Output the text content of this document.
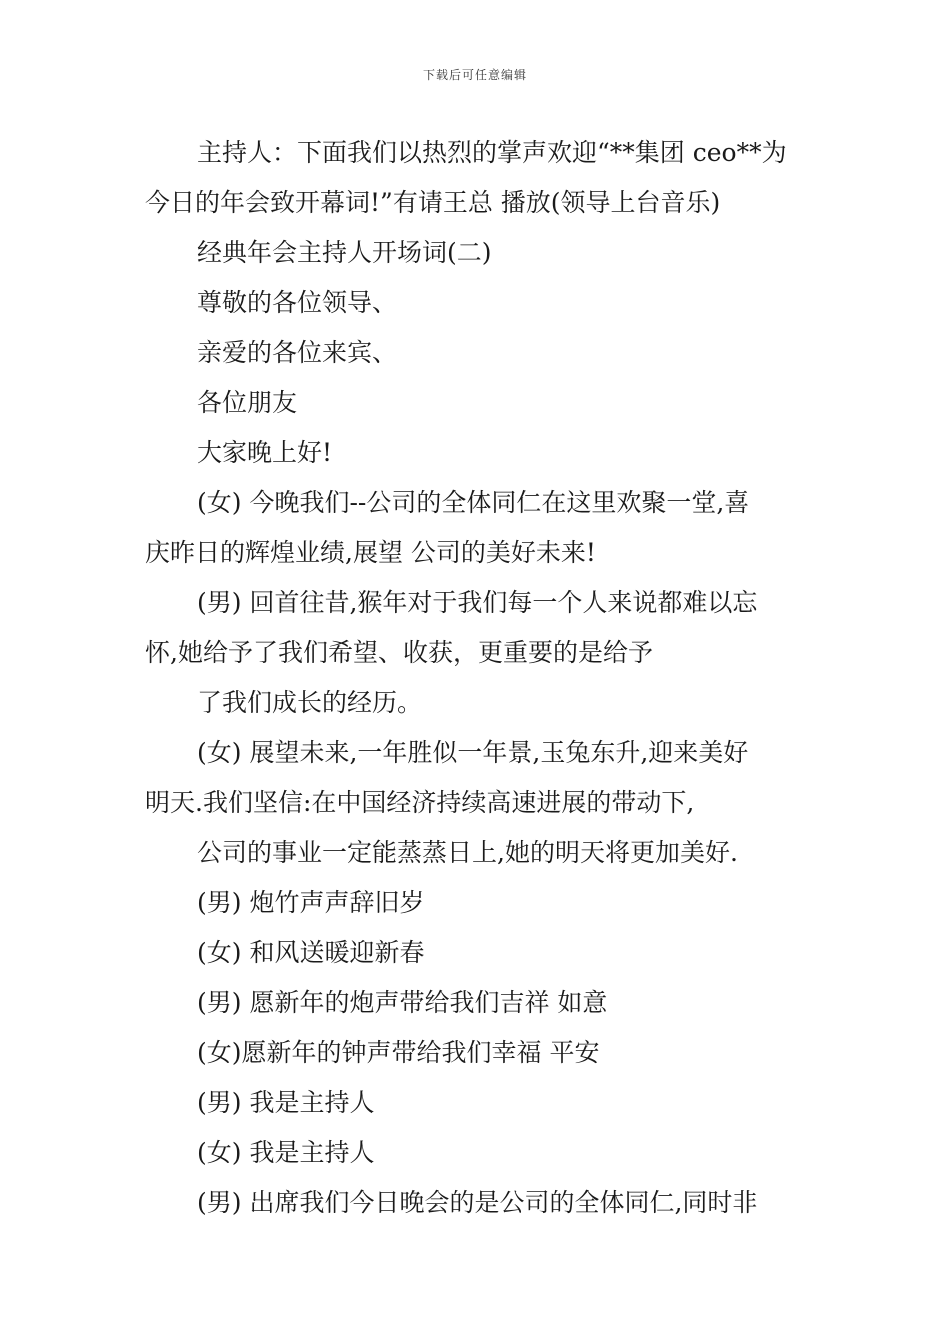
下载后可任意编辑
主持人：下面我们以热烈的掌声欢迎“**集团 ceo**为
今日的年会致开幕词!”有请王总 播放(领导上台音乐)
经典年会主持人开场词(二)
尊敬的各位领导、
亲爱的各位来宾、
各位朋友
大家晚上好!
(女) 今晚我们--公司的全体同仁在这里欢聚一堂,喜
庆昨日的辉煌业绩,展望 公司的美好未来!
(男) 回首往昔,猴年对于我们每一个人来说都难以忘
怀,她给予了我们希望、收获，更重要的是给予
了我们成长的经历。
(女) 展望未来,一年胜似一年景,玉兔东升,迎来美好
明天.我们坚信:在中国经济持续高速进展的带动下,
公司的事业一定能蒸蒸日上,她的明天将更加美好.
(男) 炮竹声声辞旧岁
(女) 和风送暖迎新春
(男) 愿新年的炮声带给我们吉祥 如意
(女)愿新年的钟声带给我们幸福 平安
(男) 我是主持人
(女) 我是主持人
(男) 出席我们今日晚会的是公司的全体同仁,同时非
